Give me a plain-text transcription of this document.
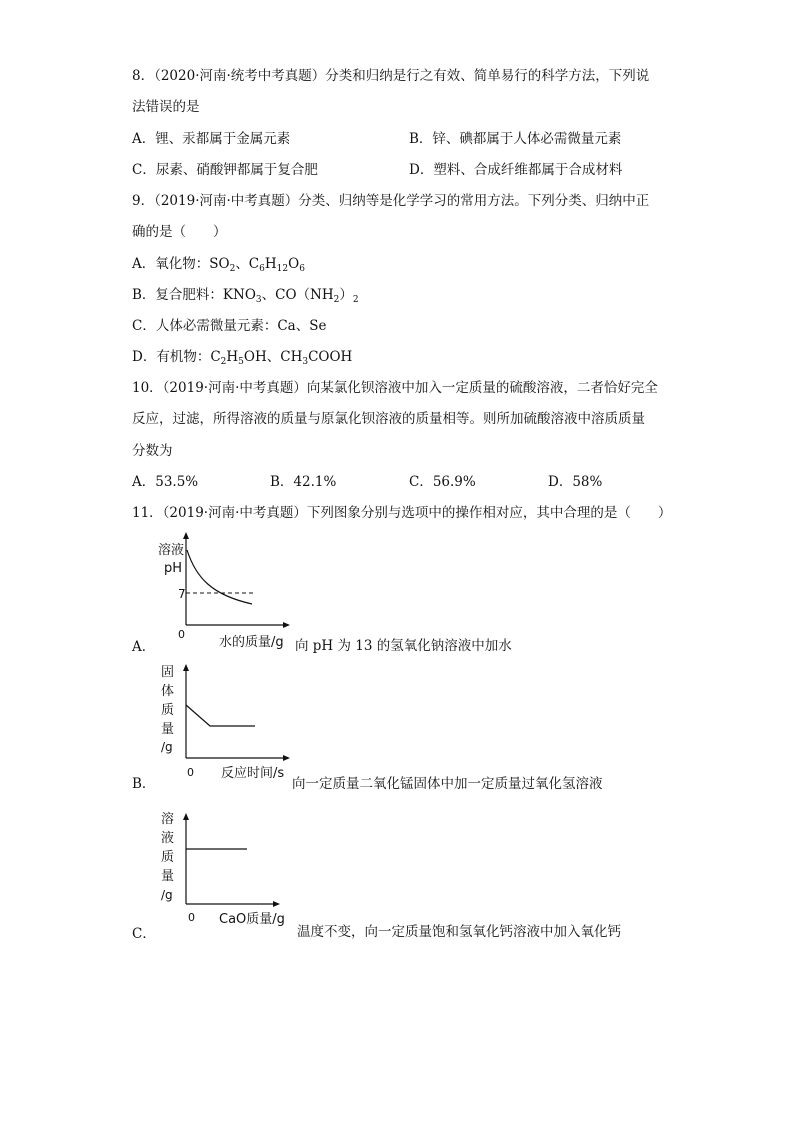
8．（2020·河南·统考中考真题）分类和归纳是行之有效、简单易行的科学方法，下列说
法错误的是
A．锂、汞都属于金属元素	B．锌、碘都属于人体必需微量元素
C．尿素、硝酸钾都属于复合肥	D．塑料、合成纤维都属于合成材料
9．（2019·河南·中考真题）分类、归纳等是化学学习的常用方法。下列分类、归纳中正
确的是（　　）
A．氧化物：$SO_2$、$C_6H_{12}O_6$
B．复合肥料：$KNO_3$、$CO(NH_2)_2$
C．人体必需微量元素：Ca、Se
D．有机物：$C_2H_5OH$、$CH_3COOH$
10．（2019·河南·中考真题）向某氯化钡溶液中加入一定质量的硫酸溶液，二者恰好完全
反应，过滤，所得溶液的质量与原氯化钡溶液的质量相等。则所加硫酸溶液中溶质质量
分数为
A．53.5%	B．42.1%	C．56.9%	D．58%
11．（2019·河南·中考真题）下列图象分别与选项中的操作相对应，其中合理的是（　　）
溶液
pH
7
0
水的质量/g
A．	向 pH 为 13 的氢氧化钠溶液中加水
固
体
质
量
/g
0 反应时间/s
B．	向一定质量二氧化锰固体中加一定质量过氧化氢溶液
溶
液
质
量
/g
0 CaO质量/g
C．	温度不变，向一定质量饱和氢氧化钙溶液中加入氧化钙
